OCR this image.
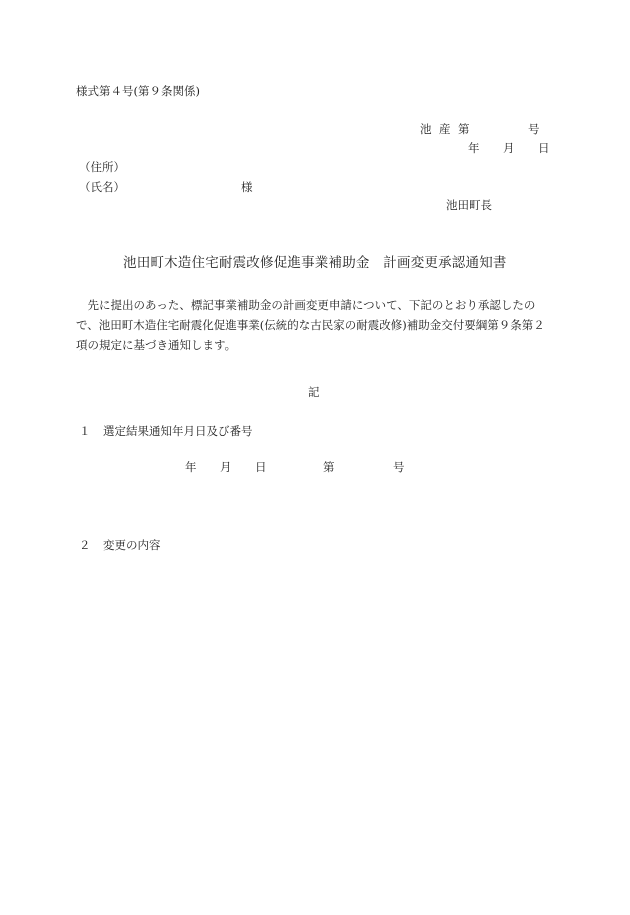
様式第４号(第９条関係)
池 産 第	号
年 月 日
（住所）
（氏名）	様
池田町長
池田町木造住宅耐震改修促進事業補助金　計画変更承認通知書

　先に提出のあった、標記事業補助金の計画変更申請について、下記のとおり承認したので、池田町木造住宅耐震化促進事業(伝統的な古民家の耐震改修)補助金交付要綱第９条第２項の規定に基づき通知します。

記
１ 選定結果通知年月日及び番号
年 月 日	第	号
２ 変更の内容
